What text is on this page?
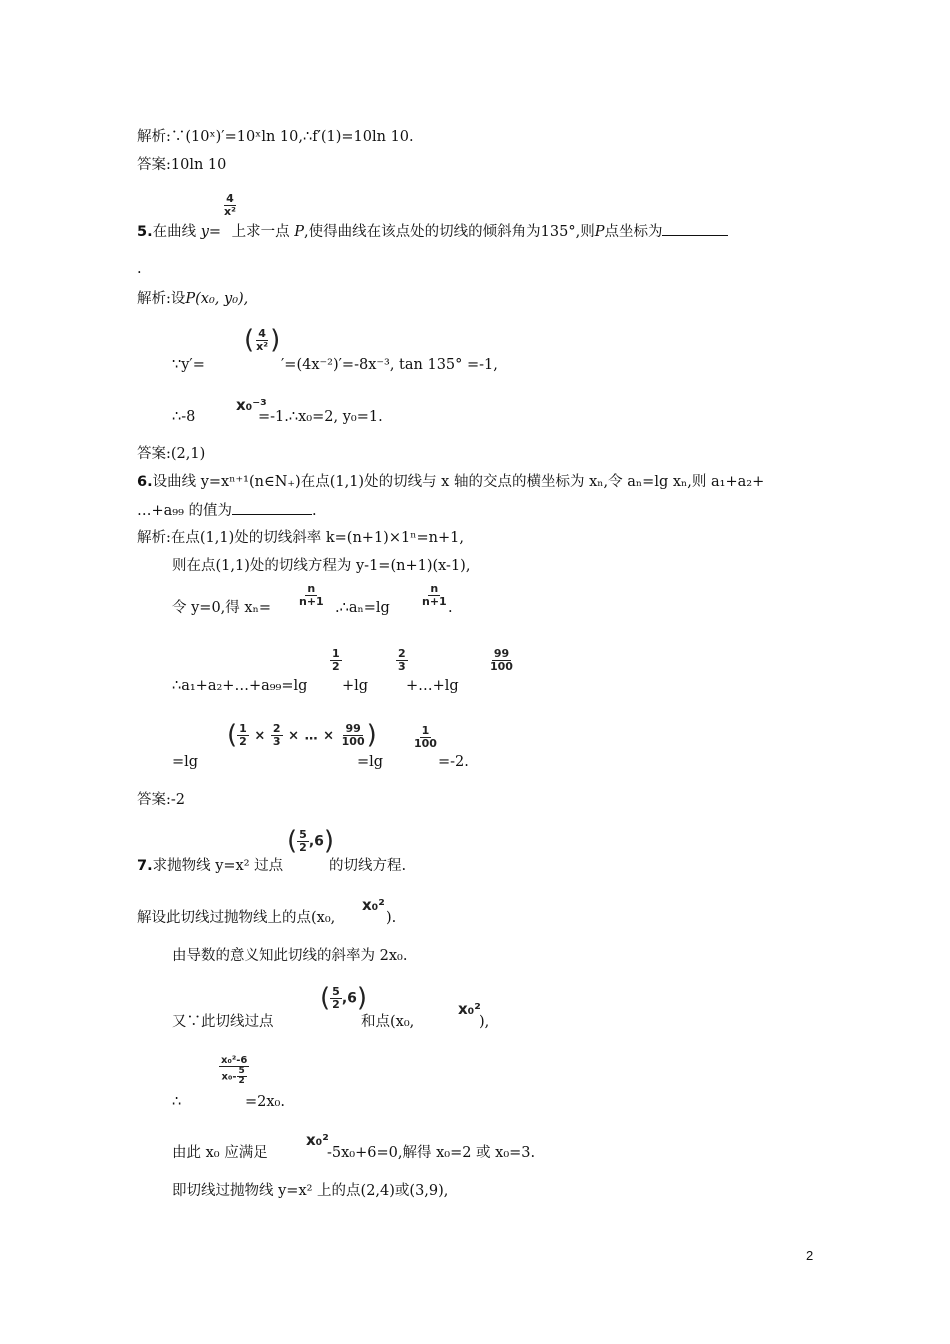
解析:∵(10ˣ)′=10ˣln 10,∴f′(1)=10ln 10.
答案:10ln 10
$\frac{4}{\text{x²}}$
5.在曲线 y= 上求一点 P,使得曲线在该点处的切线的倾斜角为135°,则P点坐标为
.
解析:设P(x₀, y₀),
( $\frac{4}{\text{x²}}$ )
∵y′=	′=(4x⁻²)′=-8x⁻³, tan 135° =-1,
∴-8
x₀⁻³
=-1.∴x₀=2, y₀=1.
答案:(2,1)
6.设曲线 y=xⁿ⁺¹(n∈N₊)在点(1,1)处的切线与 x 轴的交点的横坐标为 xₙ,令 aₙ=lg xₙ,则 a₁+a₂+
…+a₉₉ 的值为	.
解析:在点(1,1)处的切线斜率 k=(n+1)×1ⁿ=n+1,
则在点(1,1)处的切线方程为 y-1=(n+1)(x-1),
令 y=0,得 $x_n= \frac{n}{n+1}$ .∴aₙ=lg	$\frac{n}{n+1}$ .
$\frac{1}{2}$	$\frac{2}{3}$	$\frac{99}{100}$
∴a₁+a₂+…+a₉₉=lg +lg	+…+lg
( $\frac{1}{2} \times \frac{2}{3}$ × … × $\frac{99}{100}$ )	$\frac{1}{100}$
=lg	=lg	=-2.
答案:-2
( $\frac{5}{2} ,6$)
7.求抛物线 y=x² 过点	的切线方程.
解设此切线过抛物线上的点(x₀,
x₀²
).
由导数的意义知此切线的斜率为 2x₀.
( $\frac{5}{2} ,6$)	x₀²
又∵此切线过点	和点(x₀,	),
$\frac{\text{x₀²-6}}{x_0- \frac{5}{2}}$
∴	=2x₀.
由此 x₀ 应满足
x₀²
-5x₀+6=0,解得 x₀=2 或 x₀=3.
即切线过抛物线 y=x² 上的点(2,4)或(3,9),
2
